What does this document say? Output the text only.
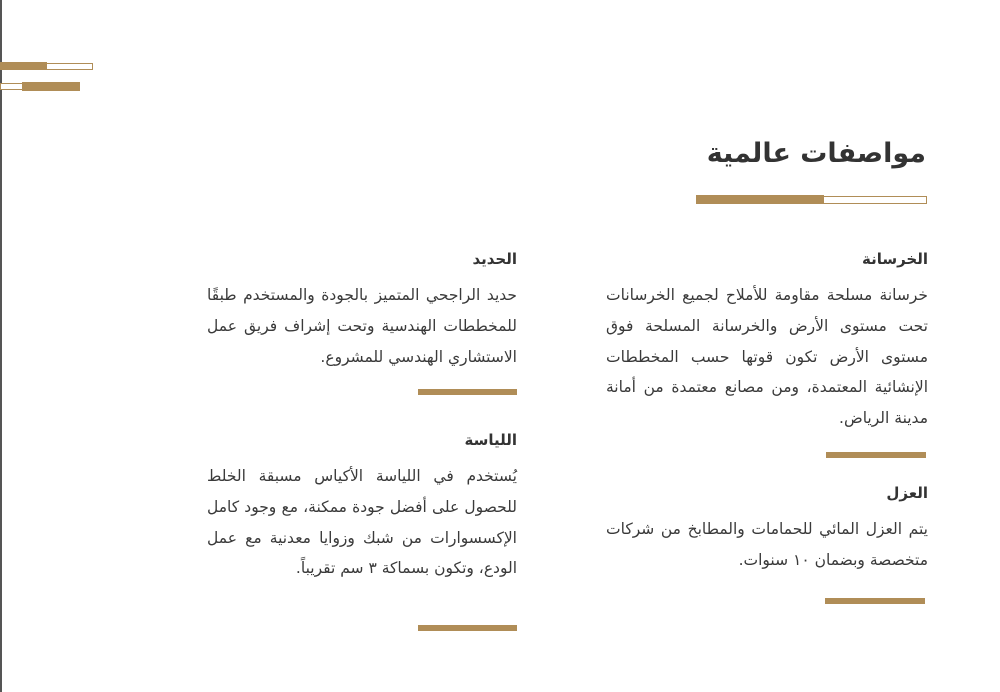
مواصفات عالمية
الخرسانة

خرسانة مسلحة مقاومة للأملاح لجميع الخرسانات تحت مستوى الأرض والخرسانة المسلحة فوق مستوى الأرض تكون قوتها حسب المخططات الإنشائية المعتمدة، ومن مصانع معتمدة من أمانة مدينة الرياض.

العزل

يتم العزل المائي للحمامات والمطابخ من شركات متخصصة وبضمان ١٠ سنوات.

الحديد

حديد الراجحي المتميز بالجودة والمستخدم طبقًا للمخططات الهندسية وتحت إشراف فريق عمل الاستشاري الهندسي للمشروع.

اللياسة

يُستخدم في اللياسة الأكياس مسبقة الخلط للحصول على أفضل جودة ممكنة، مع وجود كامل الإكسسوارات من شبك وزوايا معدنية مع عمل الودع، وتكون بسماكة ٣ سم تقريباً.
